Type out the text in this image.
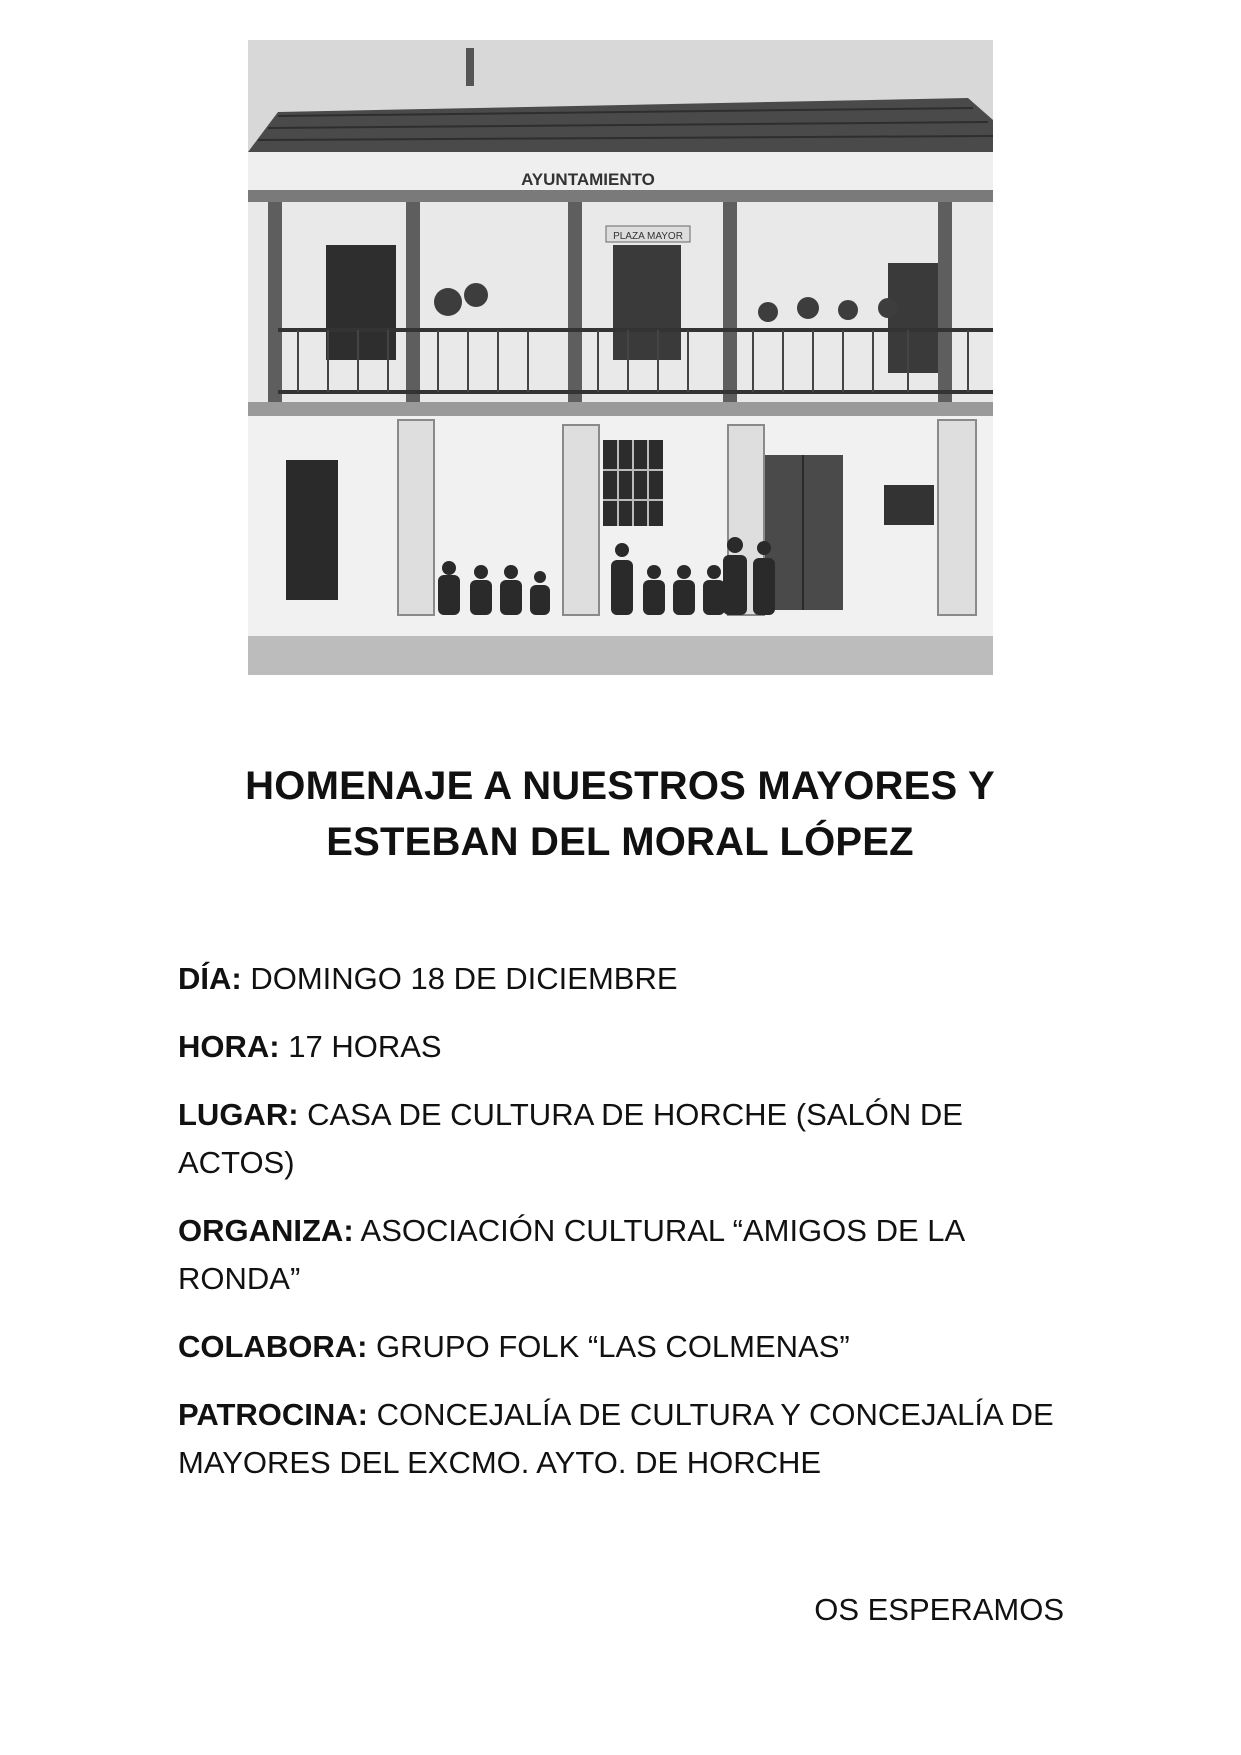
AYUNTAMIENTO
PLAZA MAYOR
HOMENAJE A NUESTROS MAYORES Y
ESTEBAN DEL MORAL LÓPEZ
DÍA: DOMINGO 18 DE DICIEMBRE
HORA: 17 HORAS
LUGAR: CASA DE CULTURA DE HORCHE (SALÓN DE ACTOS)
ORGANIZA: ASOCIACIÓN CULTURAL “AMIGOS DE LA RONDA”
COLABORA: GRUPO FOLK “LAS COLMENAS”
PATROCINA: CONCEJALÍA DE CULTURA Y CONCEJALÍA DE MAYORES DEL EXCMO. AYTO. DE HORCHE
OS ESPERAMOS
